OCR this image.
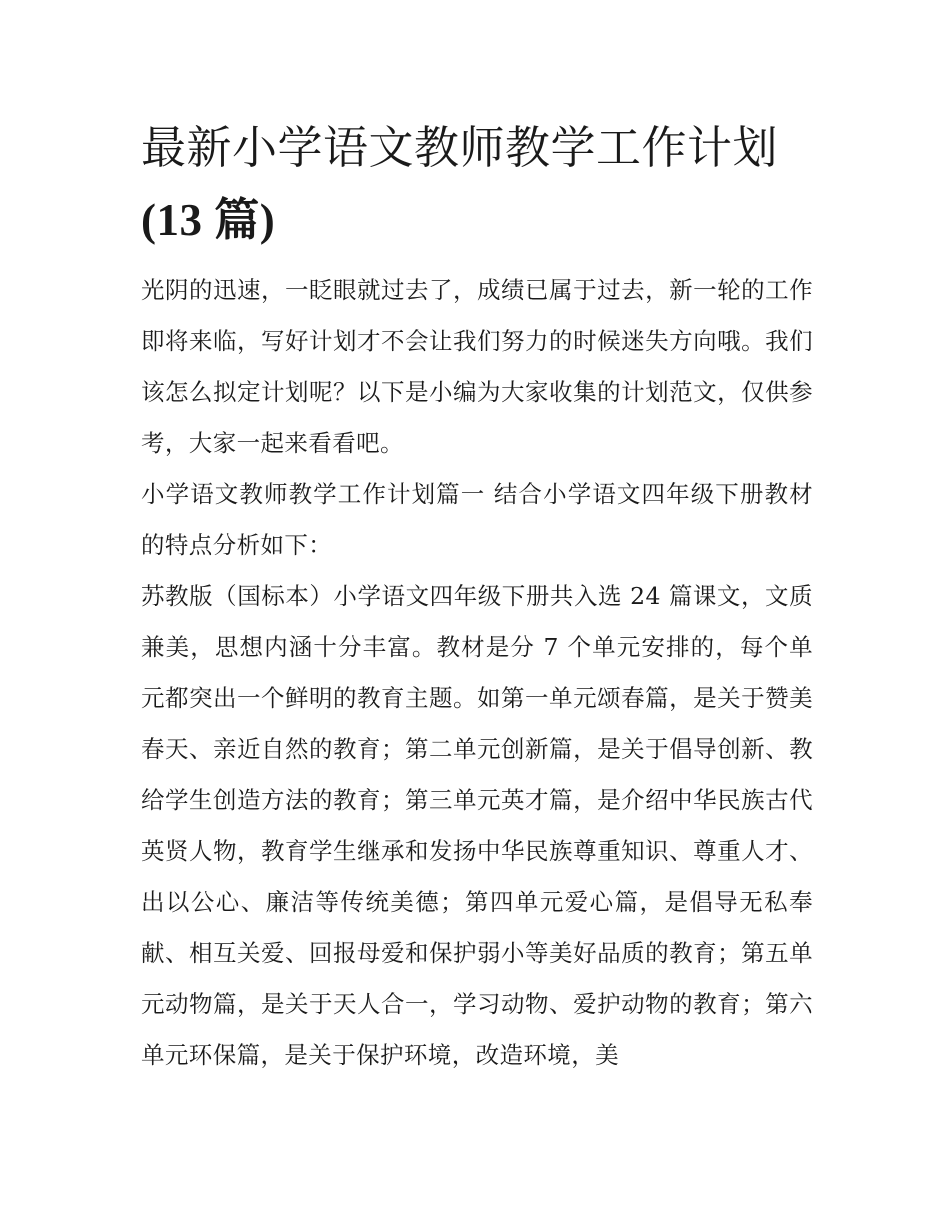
最新小学语文教师教学工作计划(13 篇)

光阴的迅速，一眨眼就过去了，成绩已属于过去，新一轮的工作即将来临，写好计划才不会让我们努力的时候迷失方向哦。我们该怎么拟定计划呢？以下是小编为大家收集的计划范文，仅供参考，大家一起来看看吧。

小学语文教师教学工作计划篇一 结合小学语文四年级下册教材的特点分析如下：

苏教版（国标本）小学语文四年级下册共入选 24 篇课文，文质兼美，思想内涵十分丰富。教材是分 7 个单元安排的，每个单元都突出一个鲜明的教育主题。如第一单元颂春篇，是关于赞美春天、亲近自然的教育；第二单元创新篇，是关于倡导创新、教给学生创造方法的教育；第三单元英才篇，是介绍中华民族古代英贤人物，教育学生继承和发扬中华民族尊重知识、尊重人才、出以公心、廉洁等传统美德；第四单元爱心篇，是倡导无私奉献、相互关爱、回报母爱和保护弱小等美好品质的教育；第五单元动物篇，是关于天人合一，学习动物、爱护动物的教育；第六单元环保篇，是关于保护环境，改造环境，美
